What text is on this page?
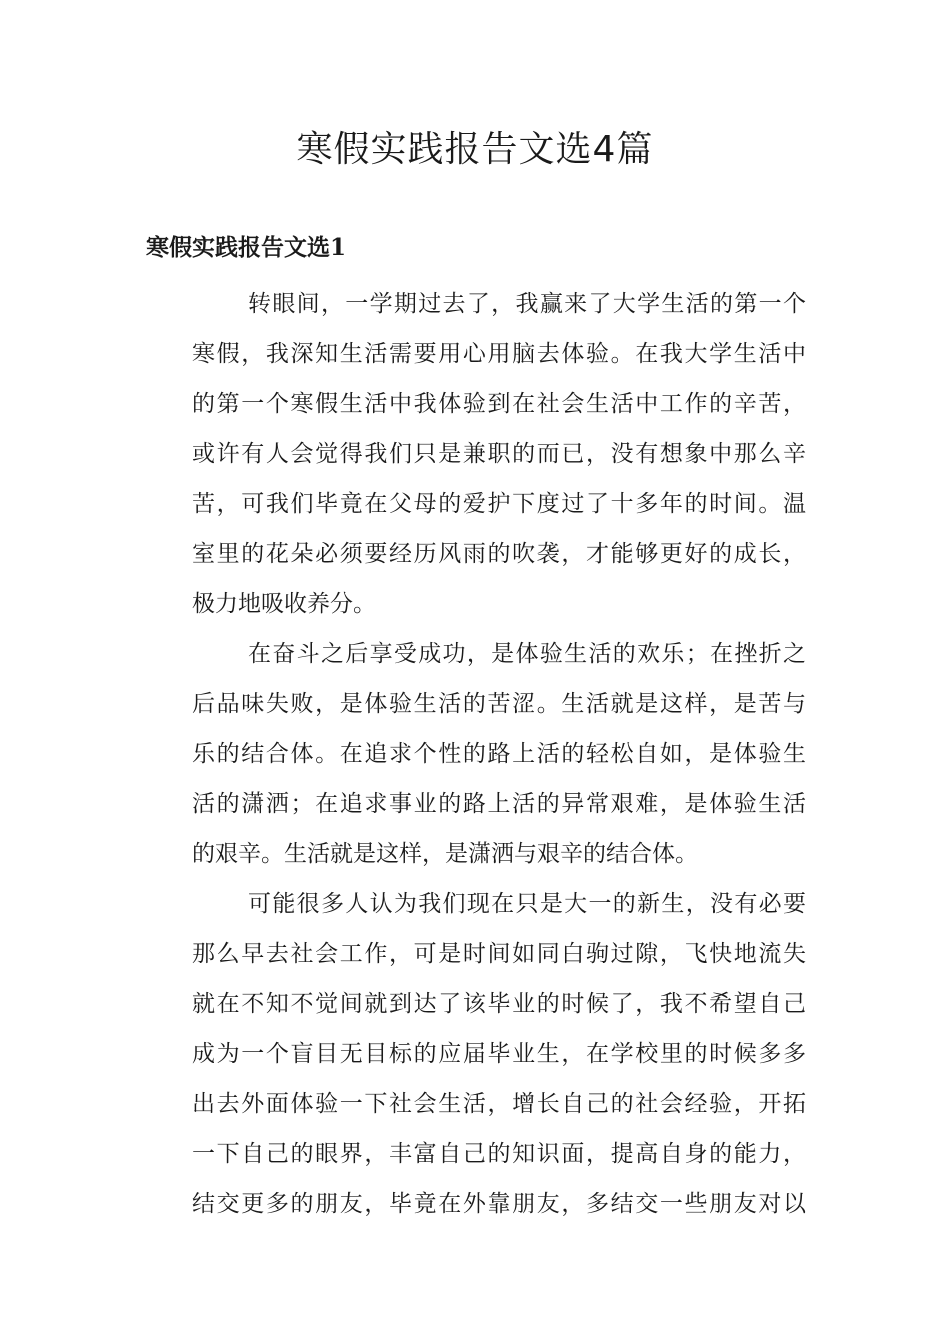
寒假实践报告文选4篇
寒假实践报告文选1

转眼间，一学期过去了，我赢来了大学生活的第一个
寒假，我深知生活需要用心用脑去体验。在我大学生活中
的第一个寒假生活中我体验到在社会生活中工作的辛苦，
或许有人会觉得我们只是兼职的而已，没有想象中那么辛
苦，可我们毕竟在父母的爱护下度过了十多年的时间。温
室里的花朵必须要经历风雨的吹袭，才能够更好的成长，
极力地吸收养分。

在奋斗之后享受成功，是体验生活的欢乐；在挫折之
后品味失败，是体验生活的苦涩。生活就是这样，是苦与
乐的结合体。在追求个性的路上活的轻松自如，是体验生
活的潇洒；在追求事业的路上活的异常艰难，是体验生活
的艰辛。生活就是这样，是潇洒与艰辛的结合体。

可能很多人认为我们现在只是大一的新生，没有必要
那么早去社会工作，可是时间如同白驹过隙，飞快地流失
就在不知不觉间就到达了该毕业的时候了，我不希望自己
成为一个盲目无目标的应届毕业生，在学校里的时候多多
出去外面体验一下社会生活，增长自己的社会经验，开拓
一下自己的眼界，丰富自己的知识面，提高自身的能力，
结交更多的朋友，毕竟在外靠朋友，多结交一些朋友对以
